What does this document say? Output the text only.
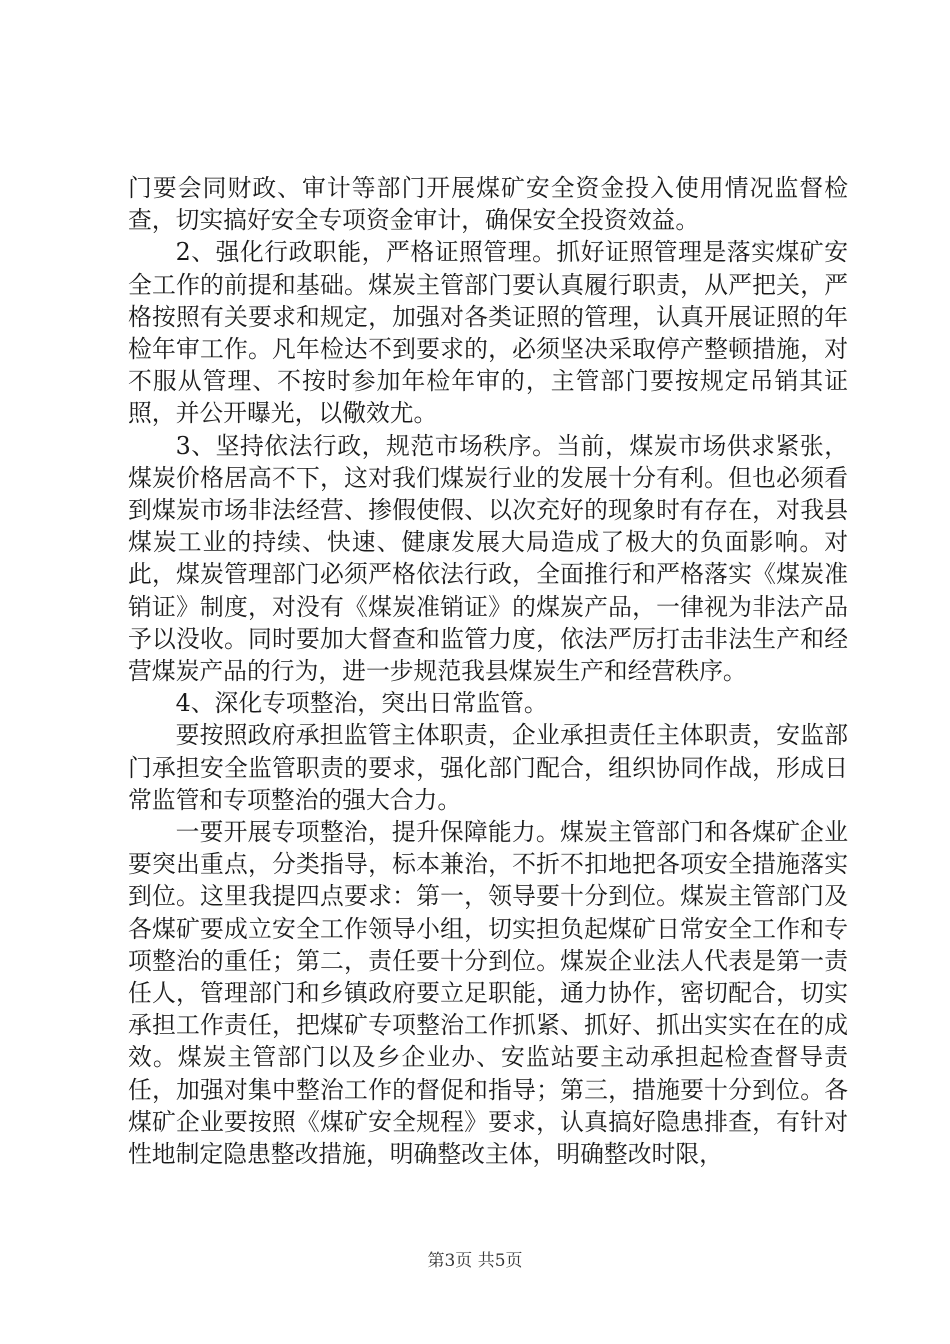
门要会同财政、审计等部门开展煤矿安全资金投入使用情况监督检查，切实搞好安全专项资金审计，确保安全投资效益。

2、强化行政职能，严格证照管理。抓好证照管理是落实煤矿安全工作的前提和基础。煤炭主管部门要认真履行职责，从严把关，严格按照有关要求和规定，加强对各类证照的管理，认真开展证照的年检年审工作。凡年检达不到要求的，必须坚决采取停产整顿措施，对不服从管理、不按时参加年检年审的，主管部门要按规定吊销其证照，并公开曝光，以儆效尤。

3、坚持依法行政，规范市场秩序。当前，煤炭市场供求紧张，煤炭价格居高不下，这对我们煤炭行业的发展十分有利。但也必须看到煤炭市场非法经营、掺假使假、以次充好的现象时有存在，对我县煤炭工业的持续、快速、健康发展大局造成了极大的负面影响。对此，煤炭管理部门必须严格依法行政，全面推行和严格落实《煤炭准销证》制度，对没有《煤炭准销证》的煤炭产品，一律视为非法产品予以没收。同时要加大督查和监管力度，依法严厉打击非法生产和经营煤炭产品的行为，进一步规范我县煤炭生产和经营秩序。

4、深化专项整治，突出日常监管。

要按照政府承担监管主体职责，企业承担责任主体职责，安监部门承担安全监管职责的要求，强化部门配合，组织协同作战，形成日常监管和专项整治的强大合力。

一要开展专项整治，提升保障能力。煤炭主管部门和各煤矿企业要突出重点，分类指导，标本兼治，不折不扣地把各项安全措施落实到位。这里我提四点要求：第一，领导要十分到位。煤炭主管部门及各煤矿要成立安全工作领导小组，切实担负起煤矿日常安全工作和专项整治的重任；第二，责任要十分到位。煤炭企业法人代表是第一责任人，管理部门和乡镇政府要立足职能，通力协作，密切配合，切实承担工作责任，把煤矿专项整治工作抓紧、抓好、抓出实实在在的成效。煤炭主管部门以及乡企业办、安监站要主动承担起检查督导责任，加强对集中整治工作的督促和指导；第三，措施要十分到位。各煤矿企业要按照《煤矿安全规程》要求，认真搞好隐患排查，有针对性地制定隐患整改措施，明确整改主体，明确整改时限，

第3页 共5页
